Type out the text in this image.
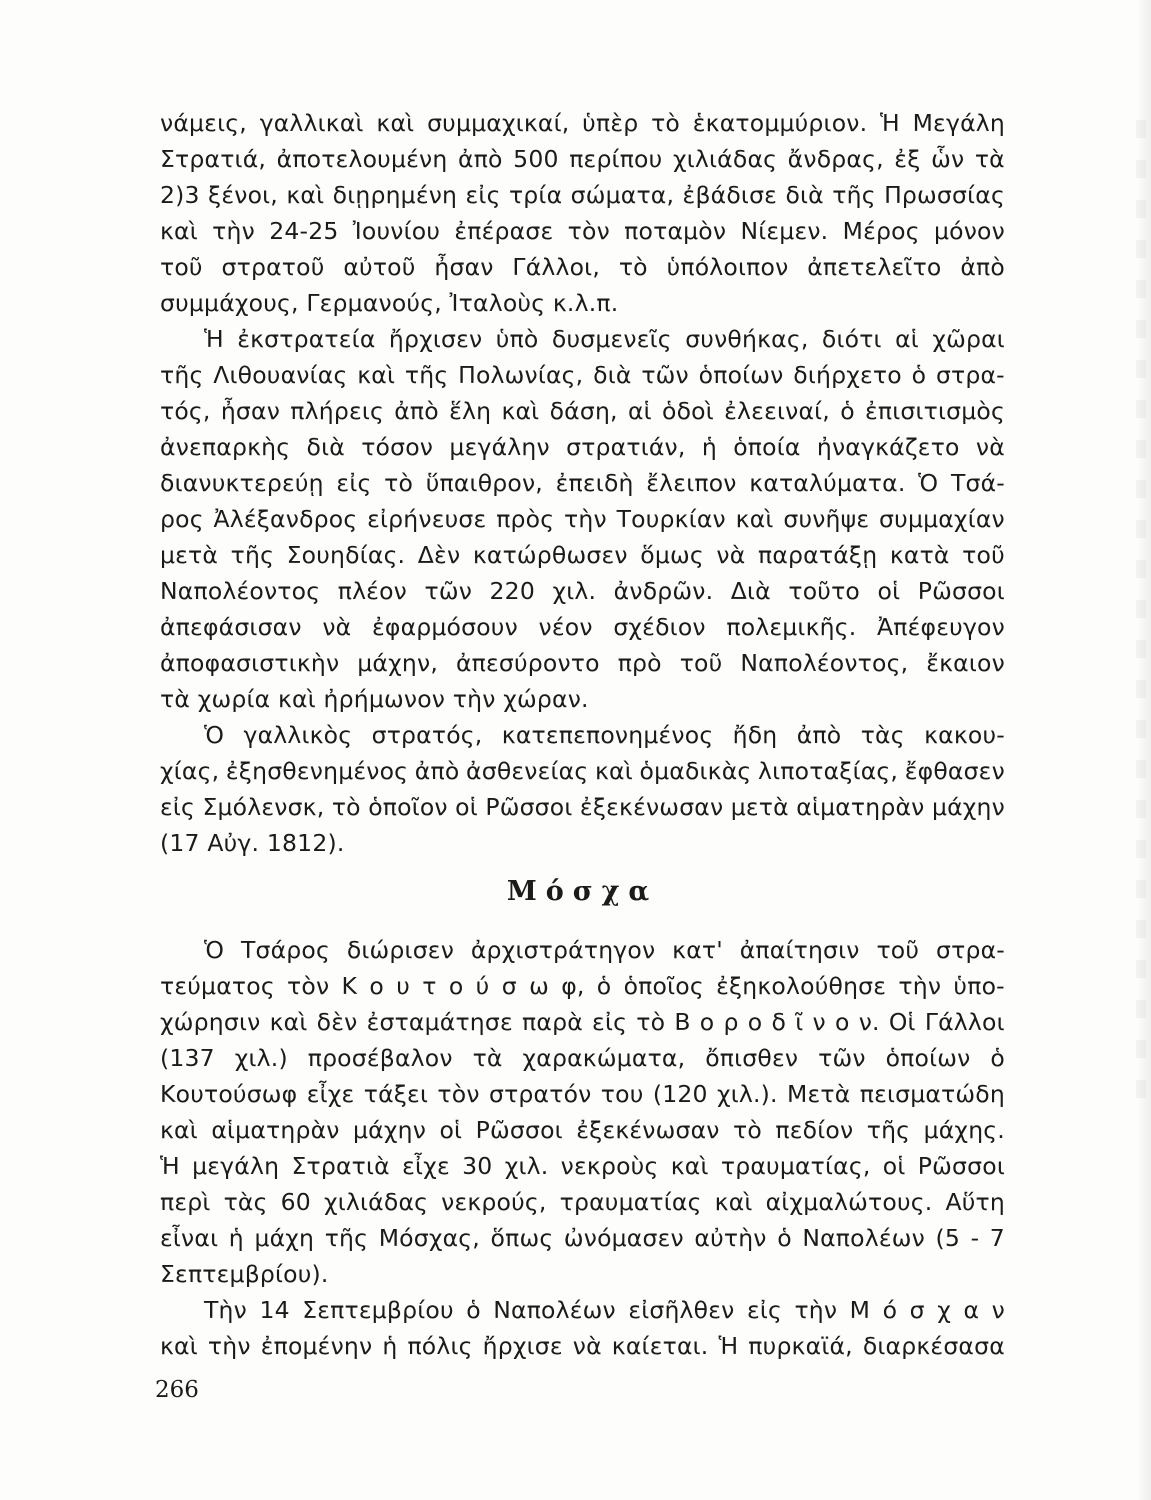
νάμεις, γαλλικαὶ καὶ συμμαχικαί, ὑπὲρ τὸ ἑκατομμύριον. Ἡ Μεγάλη
Στρατιά, ἀποτελουμένη ἀπὸ 500 περίπου χιλιάδας ἄνδρας, ἐξ ὧν τὰ
2)3 ξένοι, καὶ διῃρημένη εἰς τρία σώματα, ἐβάδισε διὰ τῆς Πρωσσίας
καὶ τὴν 24-25 Ἰουνίου ἐπέρασε τὸν ποταμὸν Νίεμεν. Μέρος μόνον
τοῦ στρατοῦ αὐτοῦ ἦσαν Γάλλοι, τὸ ὑπόλοιπον ἀπετελεῖτο ἀπὸ
συμμάχους, Γερμανούς, Ἰταλοὺς κ.λ.π.
Ἡ ἐκστρατεία ἤρχισεν ὑπὸ δυσμενεῖς συνθήκας, διότι αἱ χῶραι
τῆς Λιθουανίας καὶ τῆς Πολωνίας, διὰ τῶν ὁποίων διήρχετο ὁ στρα-
τός, ἦσαν πλήρεις ἀπὸ ἕλη καὶ δάση, αἱ ὁδοὶ ἐλεειναί, ὁ ἐπισιτισμὸς
ἀνεπαρκὴς διὰ τόσον μεγάλην στρατιάν, ἡ ὁποία ἠναγκάζετο νὰ
διανυκτερεύῃ εἰς τὸ ὕπαιθρον, ἐπειδὴ ἔλειπον καταλύματα. Ὁ Τσά-
ρος Ἀλέξανδρος εἰρήνευσε πρὸς τὴν Τουρκίαν καὶ συνῆψε συμμαχίαν
μετὰ τῆς Σουηδίας. Δὲν κατώρθωσεν ὅμως νὰ παρατάξῃ κατὰ τοῦ
Ναπολέοντος πλέον τῶν 220 χιλ. ἀνδρῶν. Διὰ τοῦτο οἱ Ρῶσσοι
ἀπεφάσισαν νὰ ἐφαρμόσουν νέον σχέδιον πολεμικῆς. Ἀπέφευγον
ἀποφασιστικὴν μάχην, ἀπεσύροντο πρὸ τοῦ Ναπολέοντος, ἔκαιον
τὰ χωρία καὶ ἠρήμωνον τὴν χώραν.
Ὁ γαλλικὸς στρατός, κατεπεπονημένος ἤδη ἀπὸ τὰς κακου-
χίας, ἐξησθενημένος ἀπὸ ἀσθενείας καὶ ὁμαδικὰς λιποταξίας, ἔφθασεν
εἰς Σμόλενσκ, τὸ ὁποῖον οἱ Ρῶσσοι ἐξεκένωσαν μετὰ αἱματηρὰν μάχην
(17 Αὐγ. 1812).
Μόσχα
Ὁ Τσάρος διώρισεν ἀρχιστράτηγον κατ' ἀπαίτησιν τοῦ στρα-
τεύματος τὸν Κ ο υ τ ο ύ σ ω φ, ὁ ὁποῖος ἐξηκολούθησε τὴν ὑπο-
χώρησιν καὶ δὲν ἐσταμάτησε παρὰ εἰς τὸ Β ο ρ ο δ ῖ ν ο ν. Οἱ Γάλλοι
(137 χιλ.) προσέβαλον τὰ χαρακώματα, ὄπισθεν τῶν ὁποίων ὁ
Κουτούσωφ εἶχε τάξει τὸν στρατόν του (120 χιλ.). Μετὰ πεισματώδη
καὶ αἱματηρὰν μάχην οἱ Ρῶσσοι ἐξεκένωσαν τὸ πεδίον τῆς μάχης.
Ἡ μεγάλη Στρατιὰ εἶχε 30 χιλ. νεκροὺς καὶ τραυματίας, οἱ Ρῶσσοι
περὶ τὰς 60 χιλιάδας νεκρούς, τραυματίας καὶ αἰχμαλώτους. Αὕτη
εἶναι ἡ μάχη τῆς Μόσχας, ὅπως ὠνόμασεν αὐτὴν ὁ Ναπολέων (5 - 7
Σεπτεμβρίου).
Τὴν 14 Σεπτεμβρίου ὁ Ναπολέων εἰσῆλθεν εἰς τὴν Μ ό σ χ α ν
καὶ τὴν ἐπομένην ἡ πόλις ἤρχισε νὰ καίεται. Ἡ πυρκαϊά, διαρκέσασα
266
